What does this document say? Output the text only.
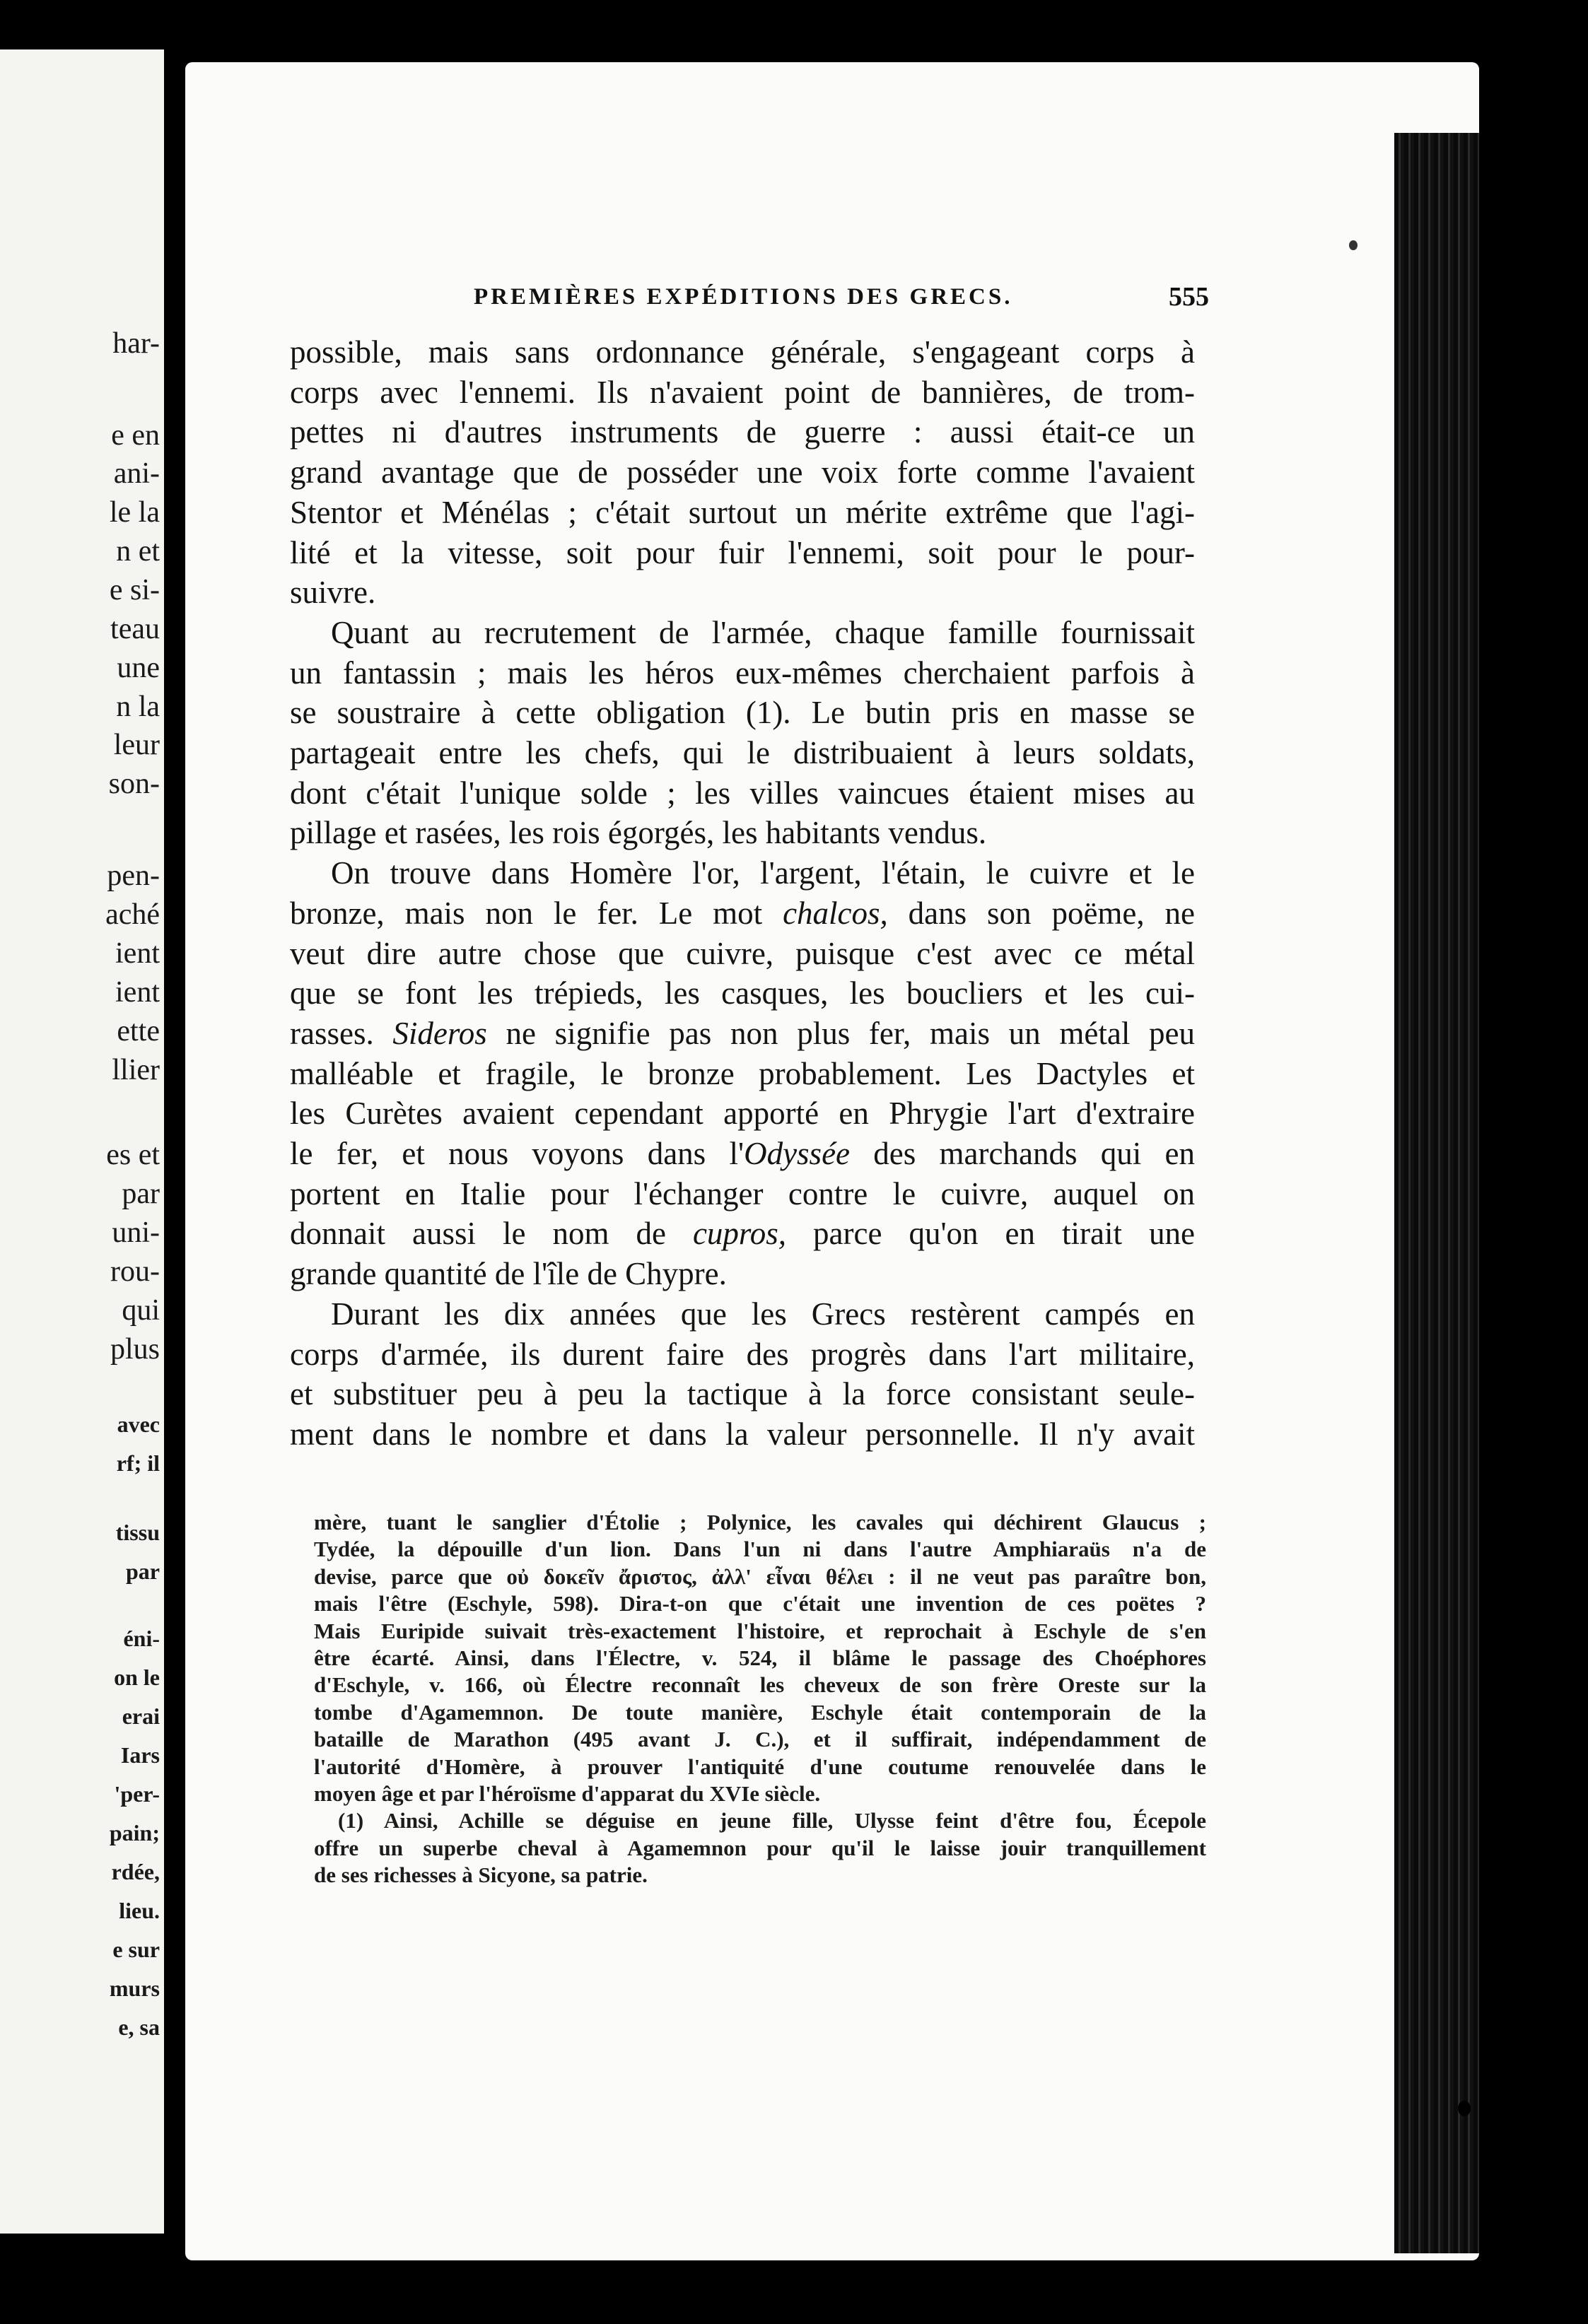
har-
e en
ani-
le la
n et
e si-
teau
une
n la
leur
son-
pen-
aché
ient
ient
ette
llier
es et
par
uni-
rou-
qui
plus
avec
rf; il
tissu
par
éni-
on le
erai
Iars
'per-
pain;
rdée,
lieu.
e sur
murs
e, sa
PREMIÈRES EXPÉDITIONS DES GRECS.	555
possible, mais sans ordonnance générale, s'engageant corps à
corps avec l'ennemi. Ils n'avaient point de bannières, de trom-
pettes ni d'autres instruments de guerre : aussi était-ce un
grand avantage que de posséder une voix forte comme l'avaient
Stentor et Ménélas ; c'était surtout un mérite extrême que l'agi-
lité et la vitesse, soit pour fuir l'ennemi, soit pour le pour-
suivre.
Quant au recrutement de l'armée, chaque famille fournissait
un fantassin ; mais les héros eux-mêmes cherchaient parfois à
se soustraire à cette obligation (1). Le butin pris en masse se
partageait entre les chefs, qui le distribuaient à leurs soldats,
dont c'était l'unique solde ; les villes vaincues étaient mises au
pillage et rasées, les rois égorgés, les habitants vendus.
On trouve dans Homère l'or, l'argent, l'étain, le cuivre et le
bronze, mais non le fer. Le mot chalcos, dans son poëme, ne
veut dire autre chose que cuivre, puisque c'est avec ce métal
que se font les trépieds, les casques, les boucliers et les cui-
rasses. Sideros ne signifie pas non plus fer, mais un métal peu
malléable et fragile, le bronze probablement. Les Dactyles et
les Curètes avaient cependant apporté en Phrygie l'art d'extraire
le fer, et nous voyons dans l'Odyssée des marchands qui en
portent en Italie pour l'échanger contre le cuivre, auquel on
donnait aussi le nom de cupros, parce qu'on en tirait une
grande quantité de l'île de Chypre.
Durant les dix années que les Grecs restèrent campés en
corps d'armée, ils durent faire des progrès dans l'art militaire,
et substituer peu à peu la tactique à la force consistant seule-
ment dans le nombre et dans la valeur personnelle. Il n'y avait
mère, tuant le sanglier d'Étolie ; Polynice, les cavales qui déchirent Glaucus ;
Tydée, la dépouille d'un lion. Dans l'un ni dans l'autre Amphiaraüs n'a de
devise, parce que οὐ δοκεῖν ἄριστος, ἀλλ' εἶναι θέλει : il ne veut pas paraître bon,
mais l'être (Eschyle, 598). Dira-t-on que c'était une invention de ces poëtes ?
Mais Euripide suivait très-exactement l'histoire, et reprochait à Eschyle de s'en
être écarté. Ainsi, dans l'Électre, v. 524, il blâme le passage des Choéphores
d'Eschyle, v. 166, où Électre reconnaît les cheveux de son frère Oreste sur la
tombe d'Agamemnon. De toute manière, Eschyle était contemporain de la
bataille de Marathon (495 avant J. C.), et il suffirait, indépendamment de
l'autorité d'Homère, à prouver l'antiquité d'une coutume renouvelée dans le
moyen âge et par l'héroïsme d'apparat du XVIe siècle.
(1) Ainsi, Achille se déguise en jeune fille, Ulysse feint d'être fou, Écepole
offre un superbe cheval à Agamemnon pour qu'il le laisse jouir tranquillement
de ses richesses à Sicyone, sa patrie.
